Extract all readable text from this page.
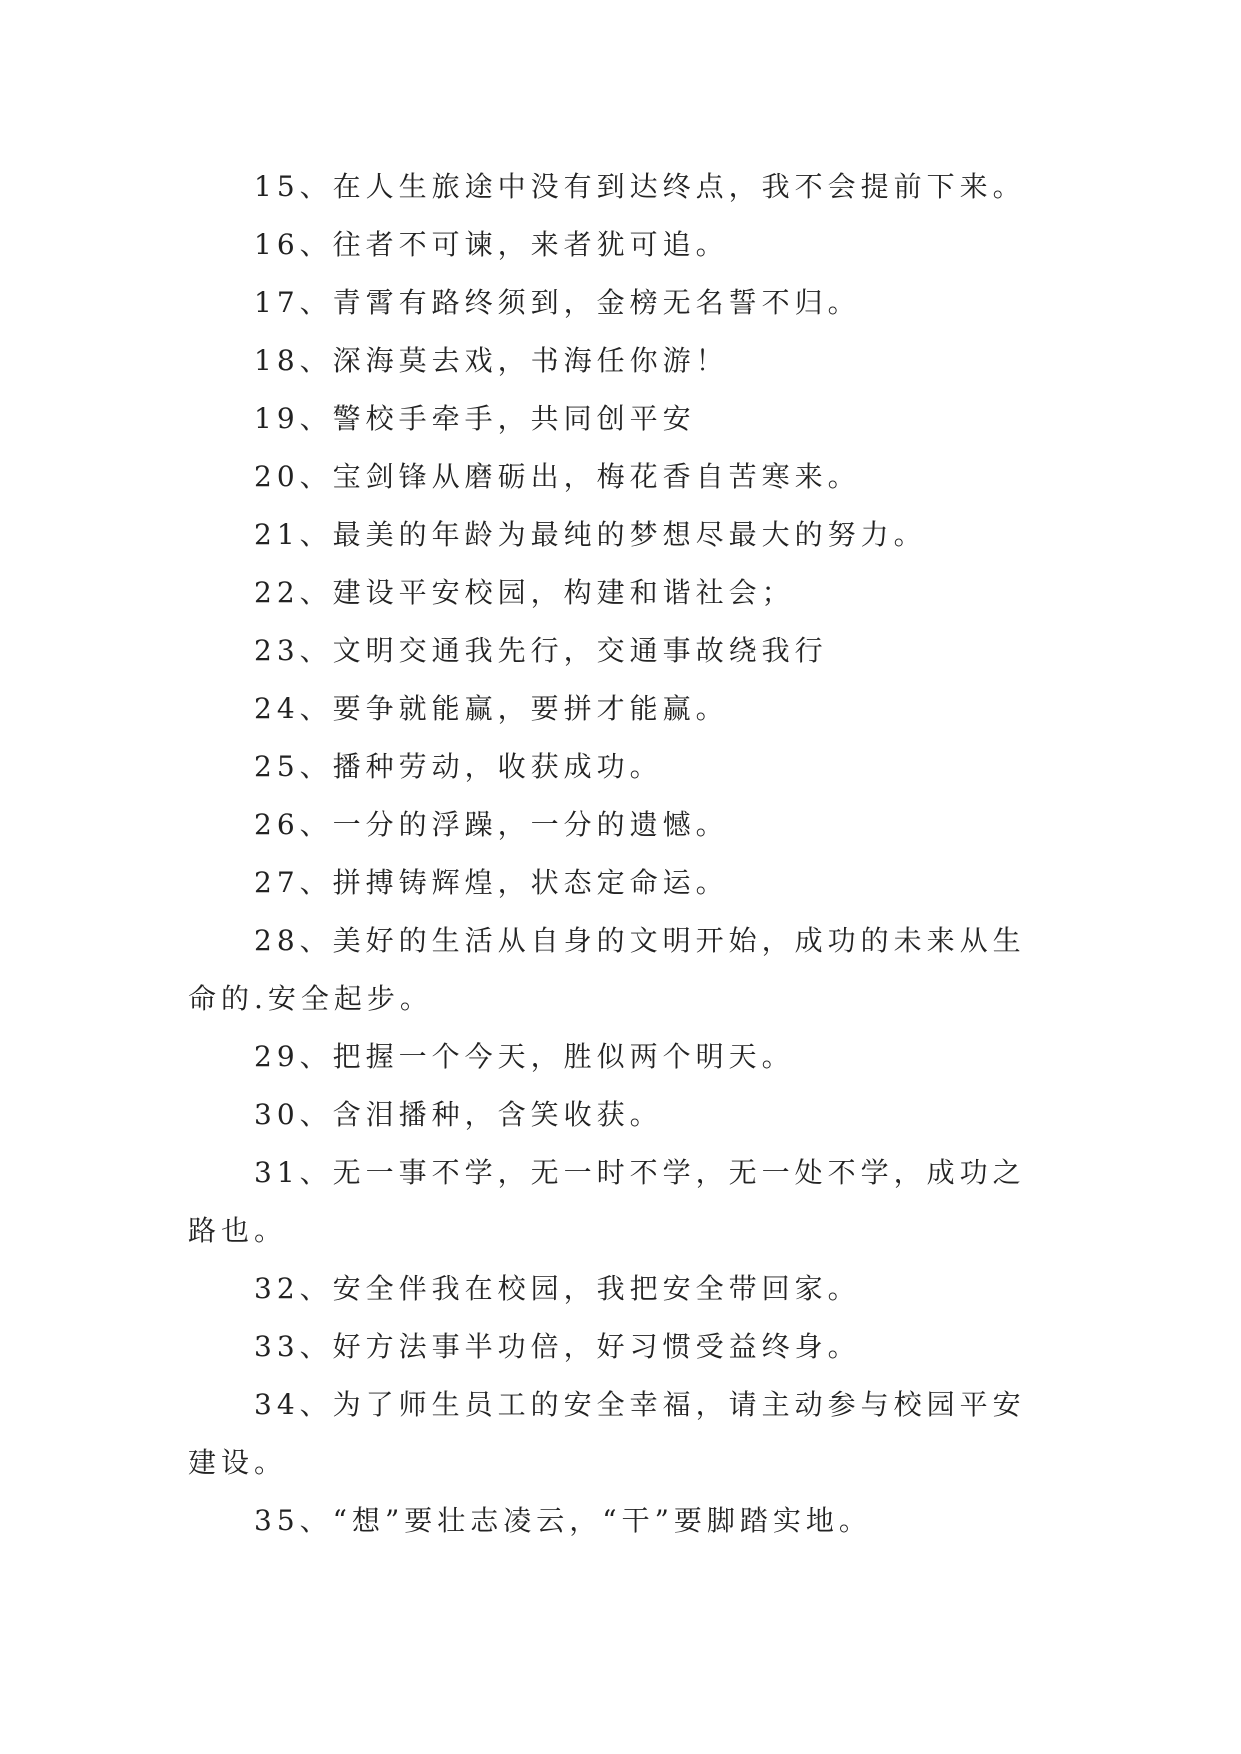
15、在人生旅途中没有到达终点，我不会提前下来。

16、往者不可谏，来者犹可追。

17、青霄有路终须到，金榜无名誓不归。

18、深海莫去戏，书海任你游！

19、警校手牵手，共同创平安

20、宝剑锋从磨砺出，梅花香自苦寒来。

21、最美的年龄为最纯的梦想尽最大的努力。

22、建设平安校园，构建和谐社会；

23、文明交通我先行，交通事故绕我行

24、要争就能赢，要拼才能赢。

25、播种劳动，收获成功。

26、一分的浮躁，一分的遗憾。

27、拼搏铸辉煌，状态定命运。

28、美好的生活从自身的文明开始，成功的未来从生命的.安全起步。

29、把握一个今天，胜似两个明天。

30、含泪播种，含笑收获。

31、无一事不学，无一时不学，无一处不学，成功之路也。

32、安全伴我在校园，我把安全带回家。

33、好方法事半功倍，好习惯受益终身。

34、为了师生员工的安全幸福，请主动参与校园平安建设。

35、“想”要壮志凌云，“干”要脚踏实地。
